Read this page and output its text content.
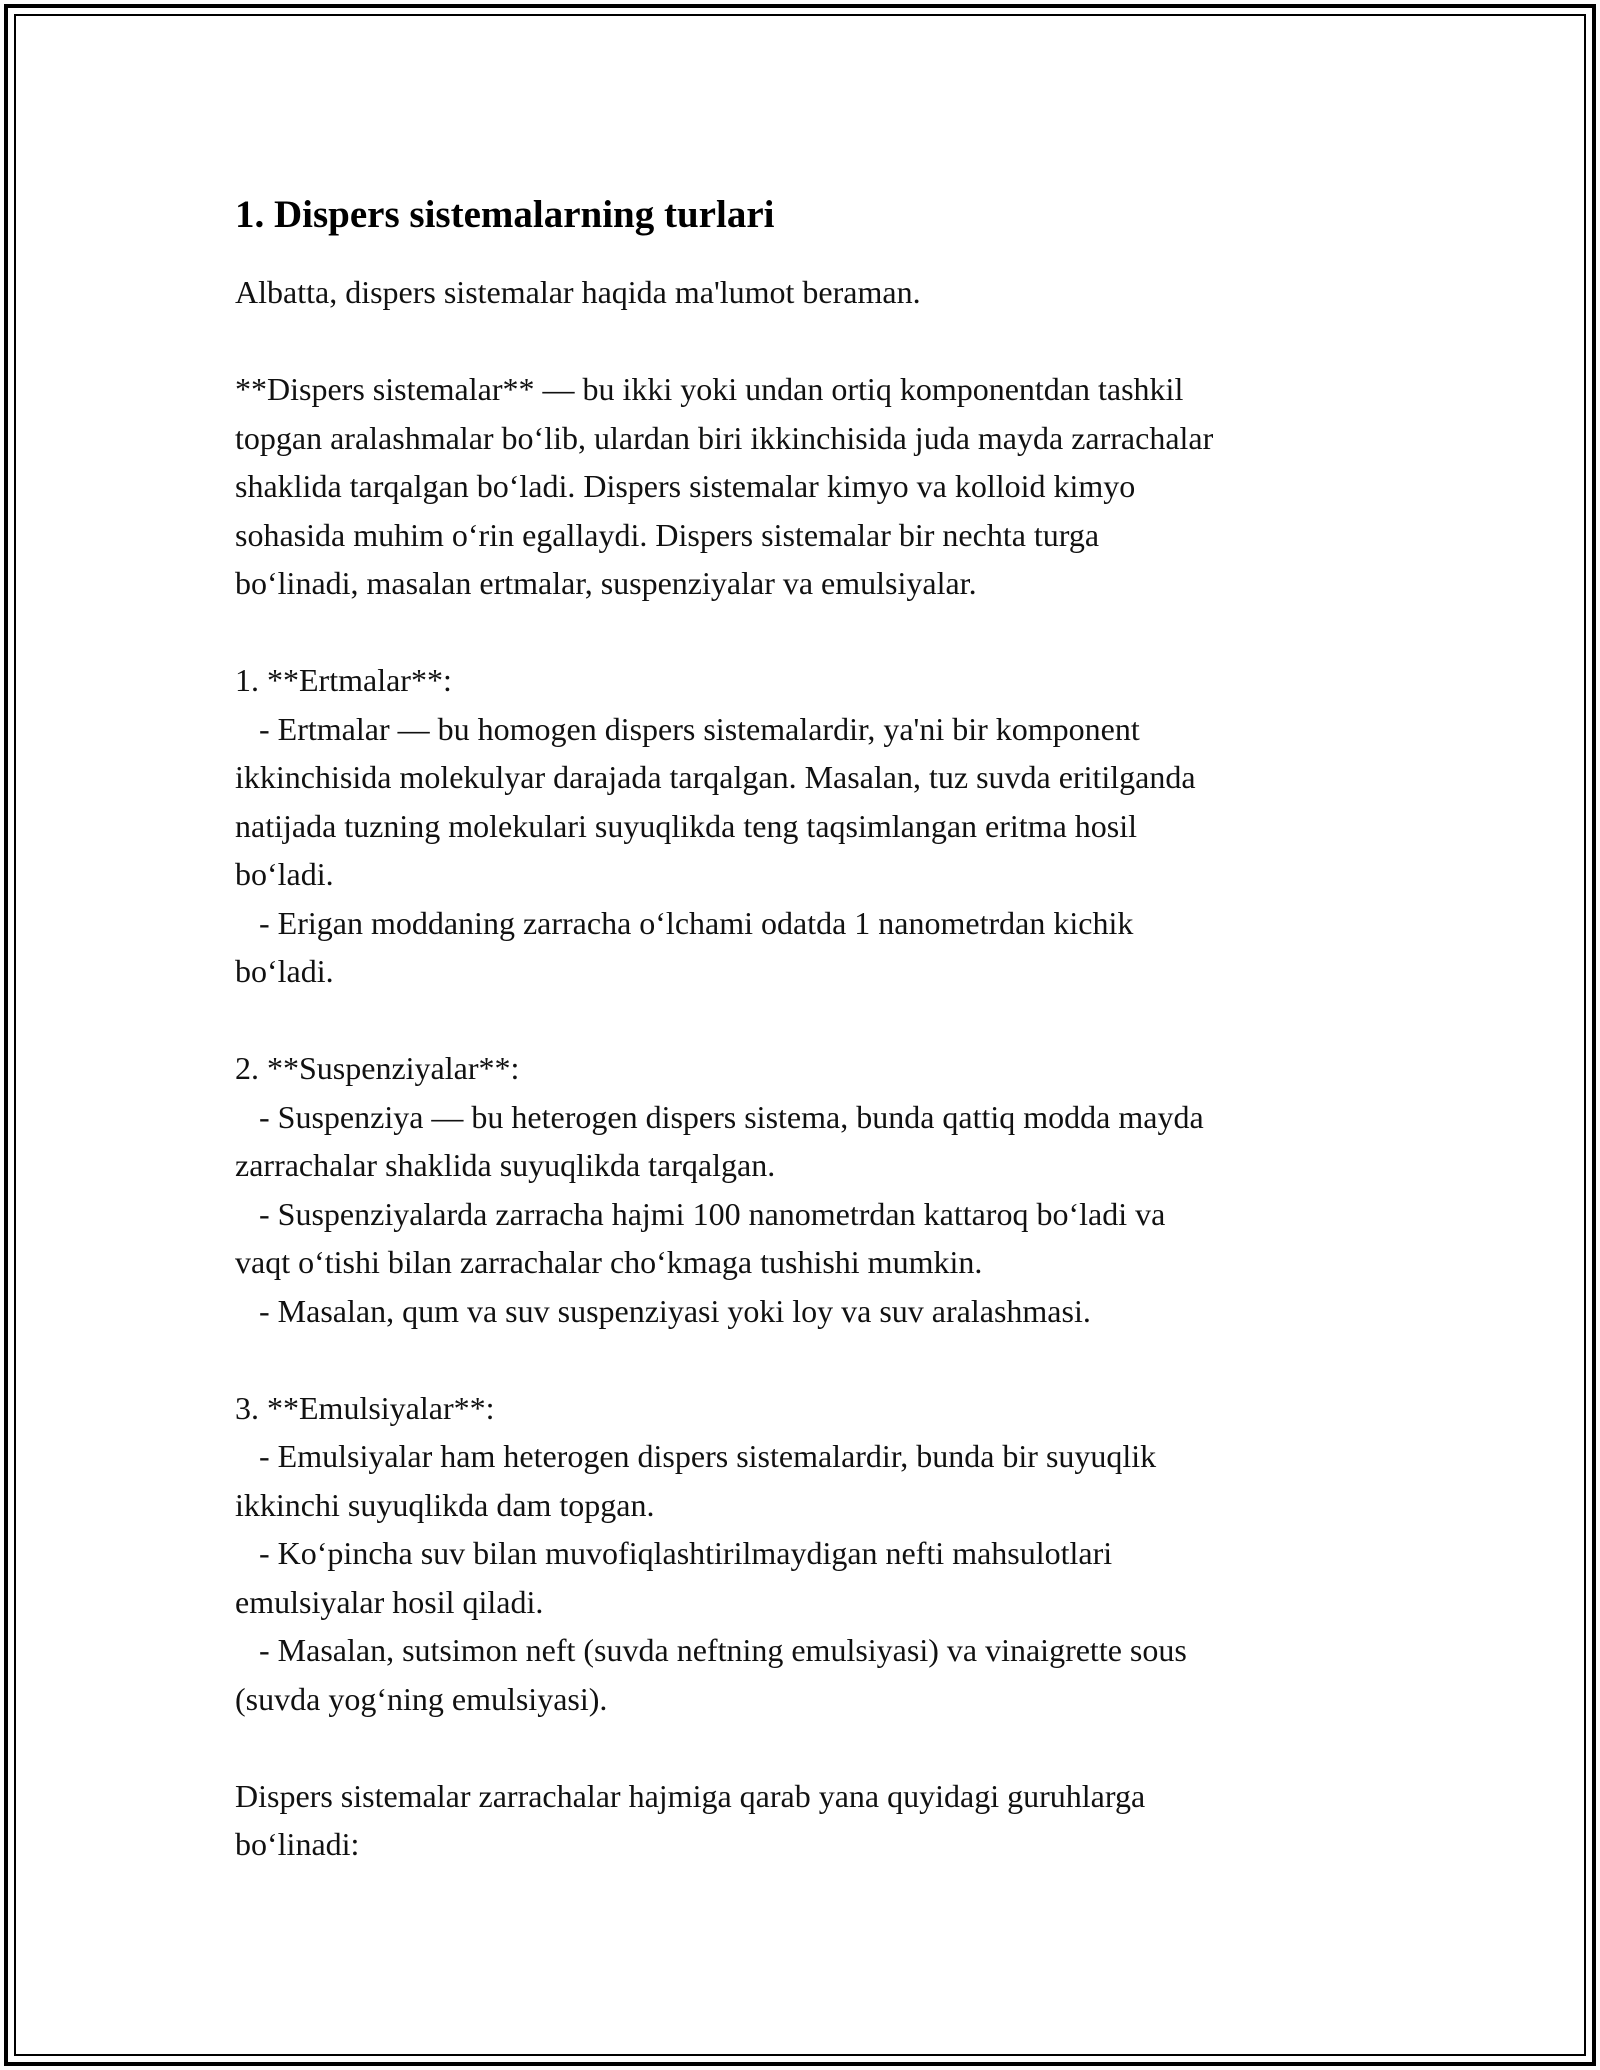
1. Dispers sistemalarning turlari

Albatta, dispers sistemalar haqida ma'lumot beraman.

**Dispers sistemalar** — bu ikki yoki undan ortiq komponentdan tashkil
topgan aralashmalar bo‘lib, ulardan biri ikkinchisida juda mayda zarrachalar
shaklida tarqalgan bo‘ladi. Dispers sistemalar kimyo va kolloid kimyo
sohasida muhim o‘rin egallaydi. Dispers sistemalar bir nechta turga
bo‘linadi, masalan ertmalar, suspenziyalar va emulsiyalar.

1. **Ertmalar**:
- Ertmalar — bu homogen dispers sistemalardir, ya'ni bir komponent
ikkinchisida molekulyar darajada tarqalgan. Masalan, tuz suvda eritilganda
natijada tuzning molekulari suyuqlikda teng taqsimlangan eritma hosil
bo‘ladi.
- Erigan moddaning zarracha o‘lchami odatda 1 nanometrdan kichik
bo‘ladi.

2. **Suspenziyalar**:
- Suspenziya — bu heterogen dispers sistema, bunda qattiq modda mayda
zarrachalar shaklida suyuqlikda tarqalgan.
- Suspenziyalarda zarracha hajmi 100 nanometrdan kattaroq bo‘ladi va
vaqt o‘tishi bilan zarrachalar cho‘kmaga tushishi mumkin.
- Masalan, qum va suv suspenziyasi yoki loy va suv aralashmasi.

3. **Emulsiyalar**:
- Emulsiyalar ham heterogen dispers sistemalardir, bunda bir suyuqlik
ikkinchi suyuqlikda dam topgan.
- Ko‘pincha suv bilan muvofiqlashtirilmaydigan nefti mahsulotlari
emulsiyalar hosil qiladi.
- Masalan, sutsimon neft (suvda neftning emulsiyasi) va vinaigrette sous
(suvda yog‘ning emulsiyasi).

Dispers sistemalar zarrachalar hajmiga qarab yana quyidagi guruhlarga
bo‘linadi:
